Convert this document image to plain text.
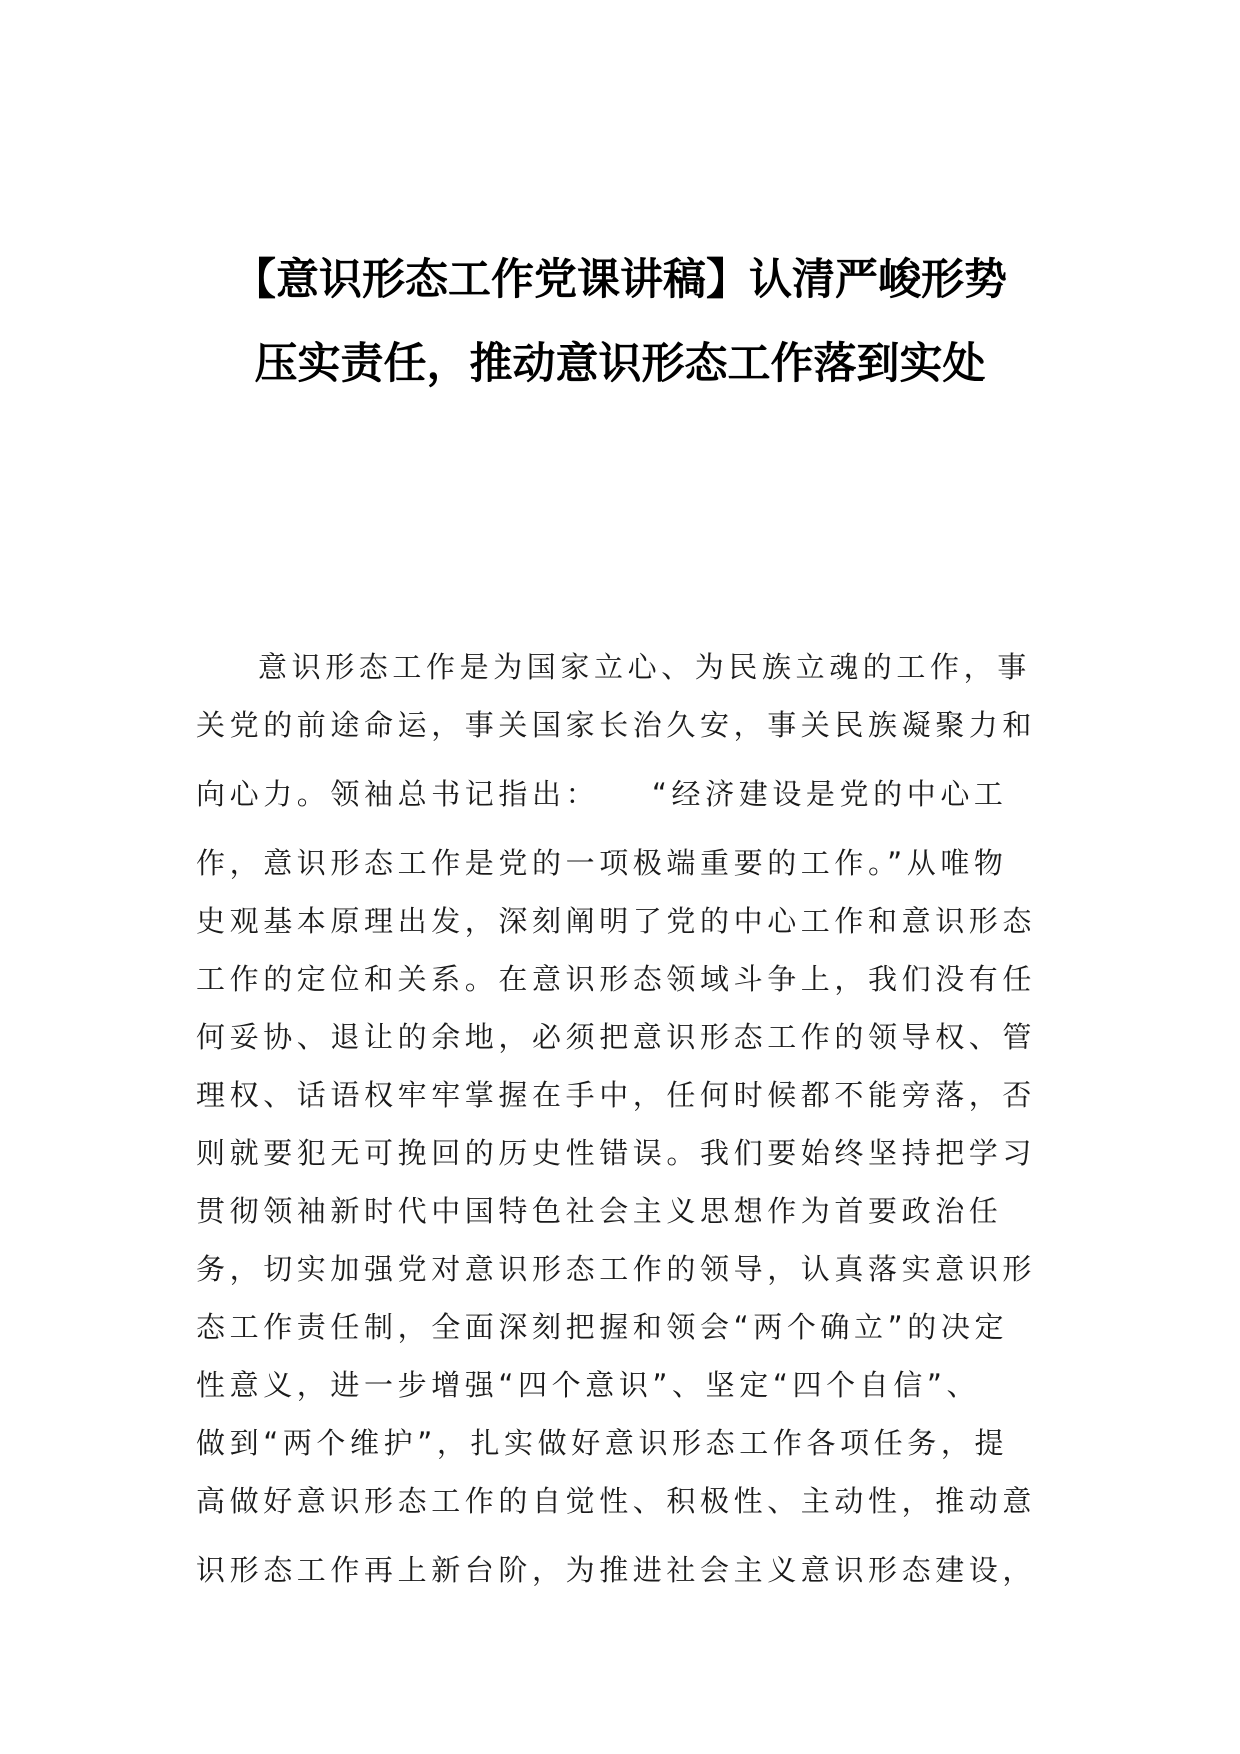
【意识形态工作党课讲稿】认清严峻形势
压实责任，推动意识形态工作落到实处
意识形态工作是为国家立心、为民族立魂的工作，事
关党的前途命运，事关国家长治久安，事关民族凝聚力和
向心力。领袖总书记指出：　　“经济建设是党的中心工
作，意识形态工作是党的一项极端重要的工作。”从唯物
史观基本原理出发，深刻阐明了党的中心工作和意识形态
工作的定位和关系。在意识形态领域斗争上，我们没有任
何妥协、退让的余地，必须把意识形态工作的领导权、管
理权、话语权牢牢掌握在手中，任何时候都不能旁落，否
则就要犯无可挽回的历史性错误。我们要始终坚持把学习
贯彻领袖新时代中国特色社会主义思想作为首要政治任
务，切实加强党对意识形态工作的领导，认真落实意识形
态工作责任制，全面深刻把握和领会“两个确立”的决定
性意义，进一步增强“四个意识”、坚定“四个自信”、
做到“两个维护”，扎实做好意识形态工作各项任务，提
高做好意识形态工作的自觉性、积极性、主动性，推动意
识形态工作再上新台阶，为推进社会主义意识形态建设，
